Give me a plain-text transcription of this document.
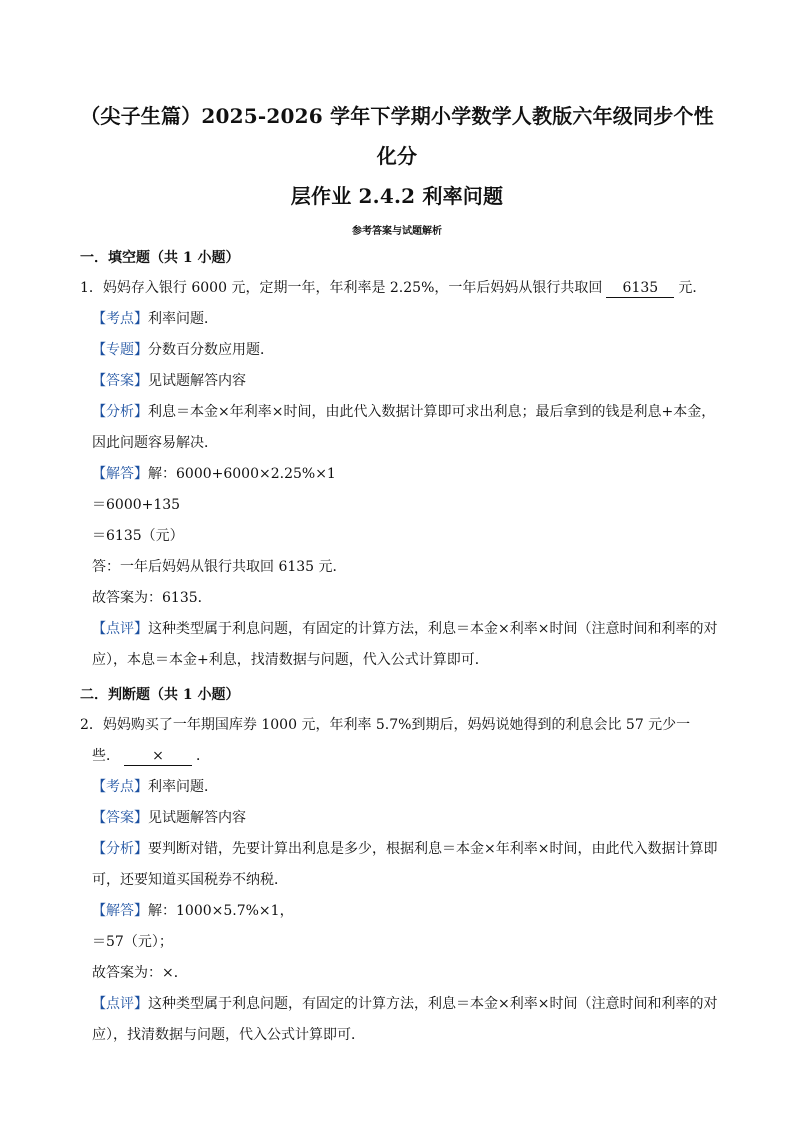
（尖子生篇）2025-2026 学年下学期小学数学人教版六年级同步个性化分
层作业 2.4.2 利率问题
参考答案与试题解析
一．填空题（共 1 小题）

1．妈妈存入银行 6000 元，定期一年，年利率是 2.25%，一年后妈妈从银行共取回 6135 元．

【考点】利率问题．

【专题】分数百分数应用题．

【答案】见试题解答内容

【分析】利息＝本金×年利率×时间，由此代入数据计算即可求出利息；最后拿到的钱是利息+本金，

因此问题容易解决．

【解答】解：6000+6000×2.25%×1

＝6000+135

＝6135（元）

答：一年后妈妈从银行共取回 6135 元．

故答案为：6135．

【点评】这种类型属于利息问题，有固定的计算方法，利息＝本金×利率×时间（注意时间和利率的对

应），本息＝本金+利息，找清数据与问题，代入公式计算即可．

二．判断题（共 1 小题）

2．妈妈购买了一年期国库券 1000 元，年利率 5.7%到期后，妈妈说她得到的利息会比 57 元少一

些． × ．

【考点】利率问题．

【答案】见试题解答内容

【分析】要判断对错，先要计算出利息是多少，根据利息＝本金×年利率×时间，由此代入数据计算即

可，还要知道买国税券不纳税．

【解答】解：1000×5.7%×1，

＝57（元）；

故答案为：×．

【点评】这种类型属于利息问题，有固定的计算方法，利息＝本金×利率×时间（注意时间和利率的对

应），找清数据与问题，代入公式计算即可．
